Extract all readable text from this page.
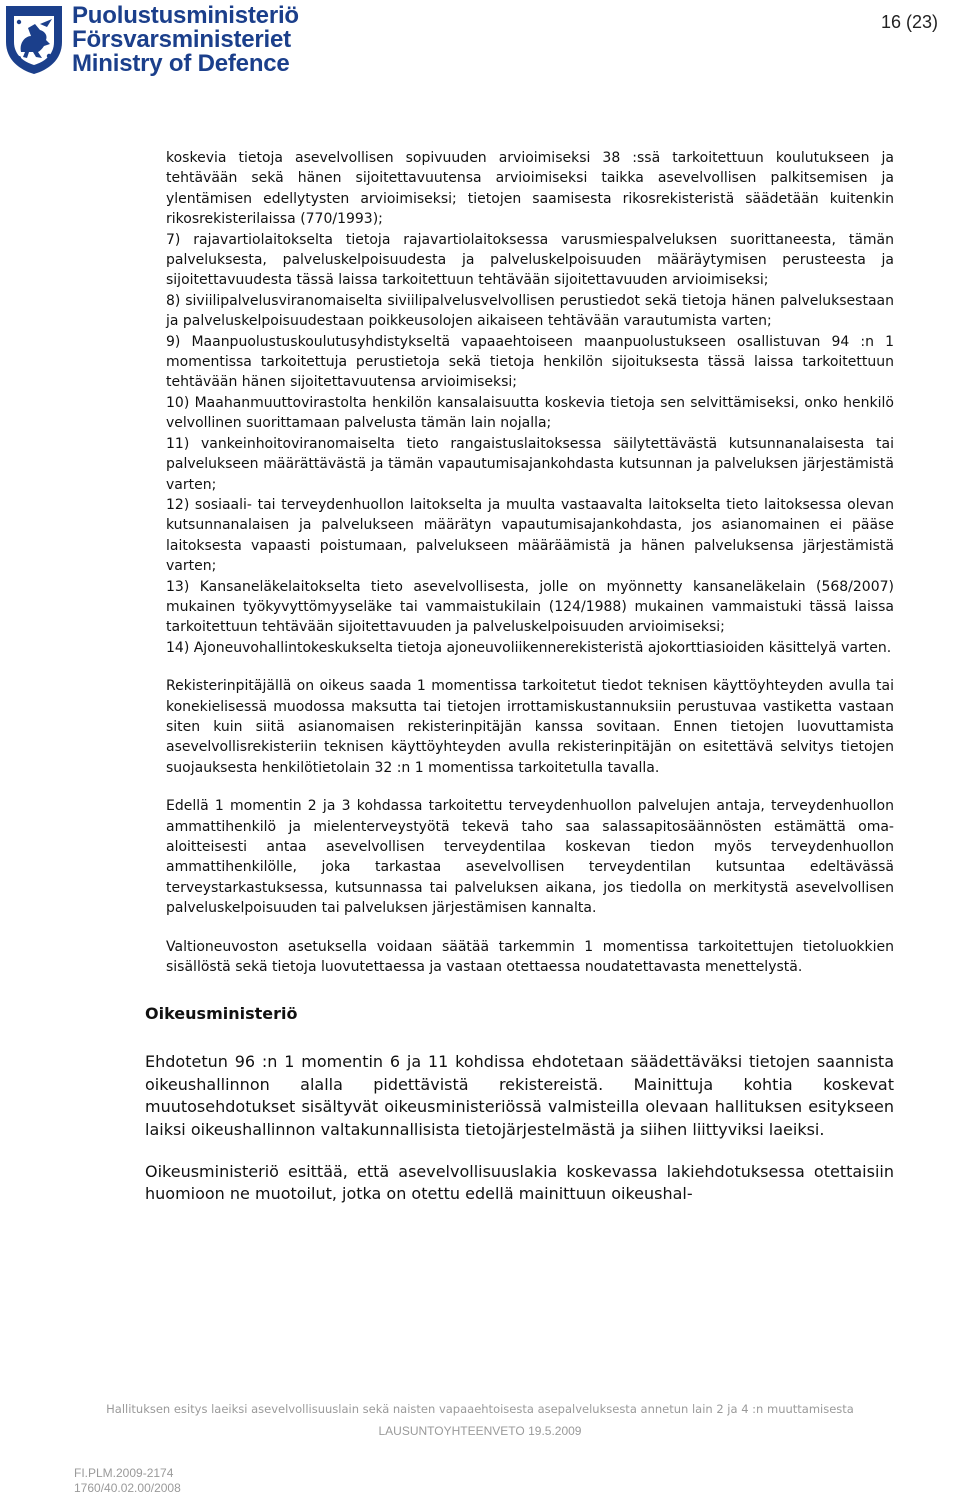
Puolustusministeriö
Försvarsministeriet
Ministry of Defence
16 (23)
koskevia tietoja asevelvollisen sopivuuden arvioimiseksi 38 :ssä tarkoitettuun koulutukseen ja tehtävään sekä hänen sijoitettavuutensa arvioimiseksi taikka asevelvollisen palkitsemisen ja ylentämisen edellytysten arvioimiseksi; tietojen saamisesta rikosrekisteristä säädetään kuitenkin rikosrekisterilaissa (770/1993);
7) rajavartiolaitokselta tietoja rajavartiolaitoksessa varusmiespalveluksen suorittaneesta, tämän palveluksesta, palveluskelpoisuudesta ja palveluskelpoisuuden määräytymisen perusteesta ja sijoitettavuudesta tässä laissa tarkoitettuun tehtävään sijoitettavuuden arvioimiseksi;
8) siviilipalvelusviranomaiselta siviilipalvelusvelvollisen perustiedot sekä tietoja hänen palveluksestaan ja palveluskelpoisuudestaan poikkeusolojen aikaiseen tehtävään varautumista varten;
9) Maanpuolustuskoulutusyhdistykseltä vapaaehtoiseen maanpuolustukseen osallistuvan 94 :n 1 momentissa tarkoitettuja perustietoja sekä tietoja henkilön sijoituksesta tässä laissa tarkoitettuun tehtävään hänen sijoitettavuutensa arvioimiseksi;
10) Maahanmuuttovirastolta henkilön kansalaisuutta koskevia tietoja sen selvittämiseksi, onko henkilö velvollinen suorittamaan palvelusta tämän lain nojalla;
11) vankeinhoitoviranomaiselta tieto rangaistuslaitoksessa säilytettävästä kutsunnanalaisesta tai palvelukseen määrättävästä ja tämän vapautumisajankohdasta kutsunnan ja palveluksen järjestämistä varten;
12) sosiaali- tai terveydenhuollon laitokselta ja muulta vastaavalta laitokselta tieto laitoksessa olevan kutsunnanalaisen ja palvelukseen määrätyn vapautumisajankohdasta, jos asianomainen ei pääse laitoksesta vapaasti poistumaan, palvelukseen määräämistä ja hänen palveluksensa järjestämistä varten;
13) Kansaneläkelaitokselta tieto asevelvollisesta, jolle on myönnetty kansaneläkelain (568/2007) mukainen työkyvyttömyyseläke tai vammaistukilain (124/1988) mukainen vammaistuki tässä laissa tarkoitettuun tehtävään sijoitettavuuden ja palveluskelpoisuuden arvioimiseksi;
14) Ajoneuvohallintokeskukselta tietoja ajoneuvoliikennerekisteristä ajokorttiasioiden käsittelyä varten.
Rekisterinpitäjällä on oikeus saada 1 momentissa tarkoitetut tiedot teknisen käyttöyhteyden avulla tai konekielisessä muodossa maksutta tai tietojen irrottamiskustannuksiin perustuvaa vastiketta vastaan siten kuin siitä asianomaisen rekisterinpitäjän kanssa sovitaan. Ennen tietojen luovuttamista asevelvollisrekisteriin teknisen käyttöyhteyden avulla rekisterinpitäjän on esitettävä selvitys tietojen suojauksesta henkilötietolain 32 :n 1 momentissa tarkoitetulla tavalla.
Edellä 1 momentin 2 ja 3 kohdassa tarkoitettu terveydenhuollon palvelujen antaja, terveydenhuollon ammattihenkilö ja mielenterveystyötä tekevä taho saa salassapitosäännösten estämättä oma-aloitteisesti antaa asevelvollisen terveydentilaa koskevan tiedon myös terveydenhuollon ammattihenkilölle, joka tarkastaa asevelvollisen terveydentilan kutsuntaa edeltävässä terveystarkastuksessa, kutsunnassa tai palveluksen aikana, jos tiedolla on merkitystä asevelvollisen palveluskelpoisuuden tai palveluksen järjestämisen kannalta.
Valtioneuvoston asetuksella voidaan säätää tarkemmin 1 momentissa tarkoitettujen tietoluokkien sisällöstä sekä tietoja luovutettaessa ja vastaan otettaessa noudatettavasta menettelystä.
Oikeusministeriö
Ehdotetun 96 :n 1 momentin 6 ja 11 kohdissa ehdotetaan säädettäväksi tietojen saannista oikeushallinnon alalla pidettävistä rekistereistä. Mainittuja kohtia koskevat muutosehdotukset sisältyvät oikeusministeriössä valmisteilla olevaan hallituksen esitykseen laiksi oikeushallinnon valtakunnallisista tietojärjestelmästä ja siihen liittyviksi laeiksi.
Oikeusministeriö esittää, että asevelvollisuuslakia koskevassa lakiehdotuksessa otettaisiin huomioon ne muotoilut, jotka on otettu edellä mainittuun oikeushal-
Hallituksen esitys laeiksi asevelvollisuuslain sekä naisten vapaaehtoisesta asepalveluksesta annetun lain 2 ja 4 :n muuttamisesta
LAUSUNTOYHTEENVETO 19.5.2009
FI.PLM.2009-2174
1760/40.02.00/2008
